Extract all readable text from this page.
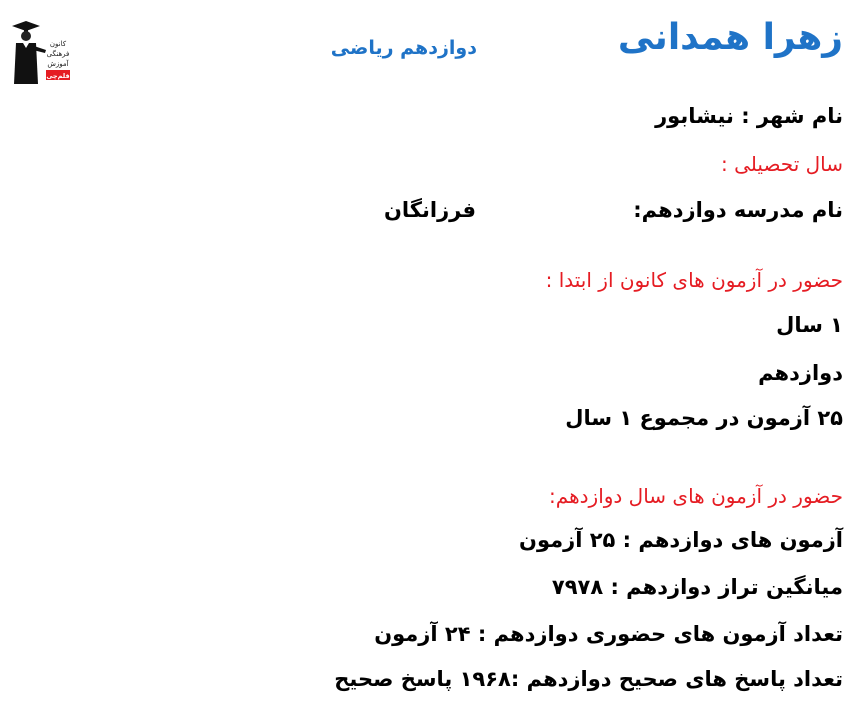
زهرا همدانی
دوازدهم ریاضی
کانون
فرهنگی
آموزش
قلم‌چی
نام شهر : نیشابور
سال تحصیلی :
نام مدرسه دوازدهم:
فرزانگان
حضور در آزمون های کانون از ابتدا :
۱ سال
دوازدهم
۲۵ آزمون در مجموع ۱ سال
حضور در آزمون های سال دوازدهم:
آزمون های دوازدهم : ۲۵ آزمون
میانگین تراز دوازدهم : ۷۹۷۸
تعداد آزمون های حضوری دوازدهم : ۲۴ آزمون
تعداد پاسخ های صحیح دوازدهم :۱۹۶۸ پاسخ صحیح
